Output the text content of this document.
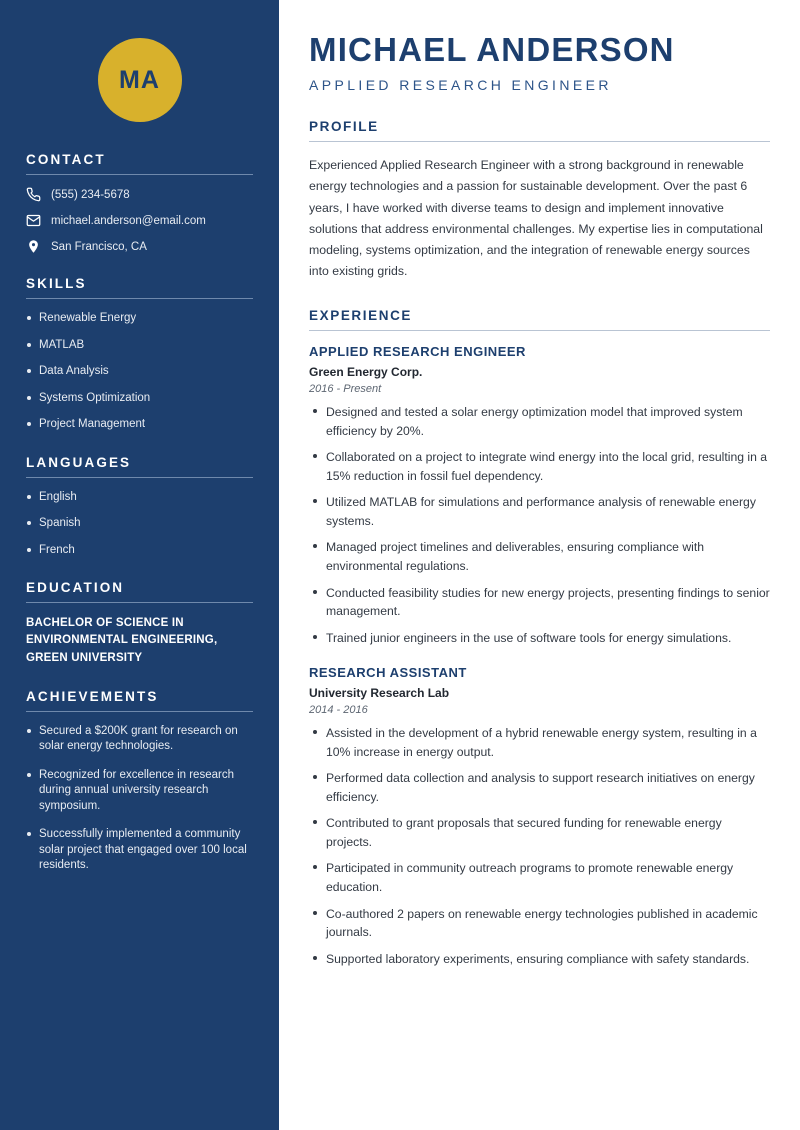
MA
CONTACT
(555) 234-5678
michael.anderson@email.com
San Francisco, CA
SKILLS
Renewable Energy
MATLAB
Data Analysis
Systems Optimization
Project Management
LANGUAGES
English
Spanish
French
EDUCATION
BACHELOR OF SCIENCE IN ENVIRONMENTAL ENGINEERING, GREEN UNIVERSITY
ACHIEVEMENTS
Secured a $200K grant for research on solar energy technologies.
Recognized for excellence in research during annual university research symposium.
Successfully implemented a community solar project that engaged over 100 local residents.
MICHAEL ANDERSON
APPLIED RESEARCH ENGINEER
PROFILE

Experienced Applied Research Engineer with a strong background in renewable energy technologies and a passion for sustainable development. Over the past 6 years, I have worked with diverse teams to design and implement innovative solutions that address environmental challenges. My expertise lies in computational modeling, systems optimization, and the integration of renewable energy sources into existing grids.

EXPERIENCE
APPLIED RESEARCH ENGINEER
Green Energy Corp.
2016 - Present
Designed and tested a solar energy optimization model that improved system efficiency by 20%.
Collaborated on a project to integrate wind energy into the local grid, resulting in a 15% reduction in fossil fuel dependency.
Utilized MATLAB for simulations and performance analysis of renewable energy systems.
Managed project timelines and deliverables, ensuring compliance with environmental regulations.
Conducted feasibility studies for new energy projects, presenting findings to senior management.
Trained junior engineers in the use of software tools for energy simulations.
RESEARCH ASSISTANT
University Research Lab
2014 - 2016
Assisted in the development of a hybrid renewable energy system, resulting in a 10% increase in energy output.
Performed data collection and analysis to support research initiatives on energy efficiency.
Contributed to grant proposals that secured funding for renewable energy projects.
Participated in community outreach programs to promote renewable energy education.
Co-authored 2 papers on renewable energy technologies published in academic journals.
Supported laboratory experiments, ensuring compliance with safety standards.
